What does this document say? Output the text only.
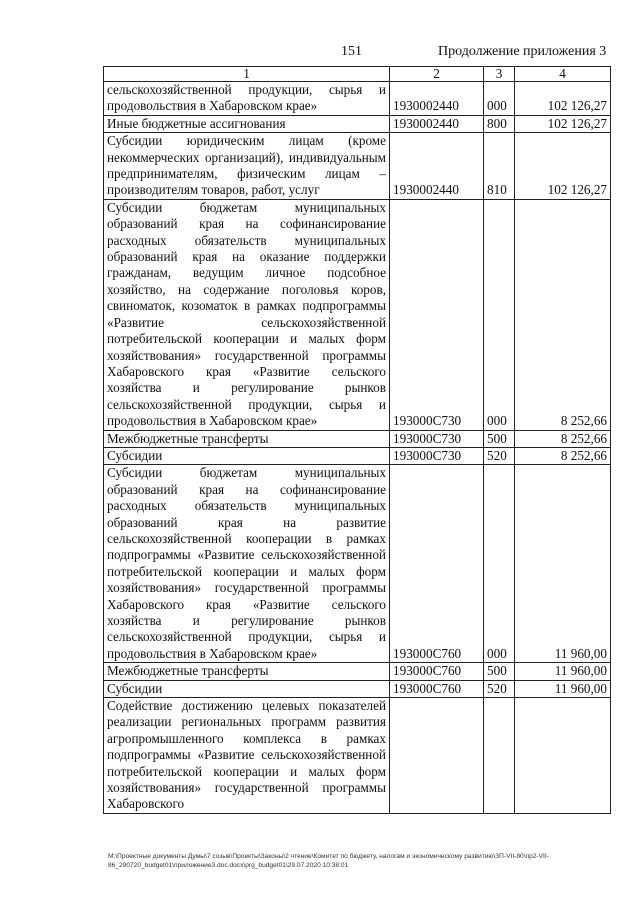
151	Продолжение приложения 3
1	2	3	4
сельскохозяйственной продукции, сырья и продовольствия в Хабаровском крае»	1930002440	000	102 126,27
Иные бюджетные ассигнования	1930002440	800	102 126,27
Субсидии юридическим лицам (кроме некоммерческих организаций), индивидуальным предпринимателям, физическим лицам – производителям товаров, работ, услуг	1930002440	810	102 126,27
Субсидии бюджетам муниципальных образований края на софинансирование расходных обязательств муниципальных образований края на оказание поддержки гражданам, ведущим личное подсобное хозяйство, на содержание поголовья коров, свиноматок, козоматок в рамках подпрограммы «Развитие сельскохозяйственной потребительской кооперации и малых форм хозяйствования» государственной программы Хабаровского края «Развитие сельского хозяйства и регулирование рынков сельскохозяйственной продукции, сырья и продовольствия в Хабаровском крае»	193000С730	000	8 252,66
Межбюджетные трансферты	193000С730	500	8 252,66
Субсидии	193000С730	520	8 252,66
Субсидии бюджетам муниципальных образований края на софинансирование расходных обязательств муниципальных образований края на развитие сельскохозяйственной кооперации в рамках подпрограммы «Развитие сельскохозяйственной потребительской кооперации и малых форм хозяйствования» государственной программы Хабаровского края «Развитие сельского хозяйства и регулирование рынков сельскохозяйственной продукции, сырья и продовольствия в Хабаровском крае»	193000С760	000	11 960,00
Межбюджетные трансферты	193000С760	500	11 960,00
Субсидии	193000С760	520	11 960,00
Содействие достижению целевых показателей реализации региональных программ развития агропромышленного комплекса в рамках подпрограммы «Развитие сельскохозяйственной потребительской кооперации и малых форм хозяйствования» государственной программы Хабаровского			
М:\Проектные документы Думы\7 созыв\Проекты\Законы\2 чтение\Комитет по бюджету, налогам и экономическому развитию\ЗП-VII-80\пр2-VII-86_290720_budget01\приложение3.doc.docx\prg_budget01\29.07.2020 10:38:01
